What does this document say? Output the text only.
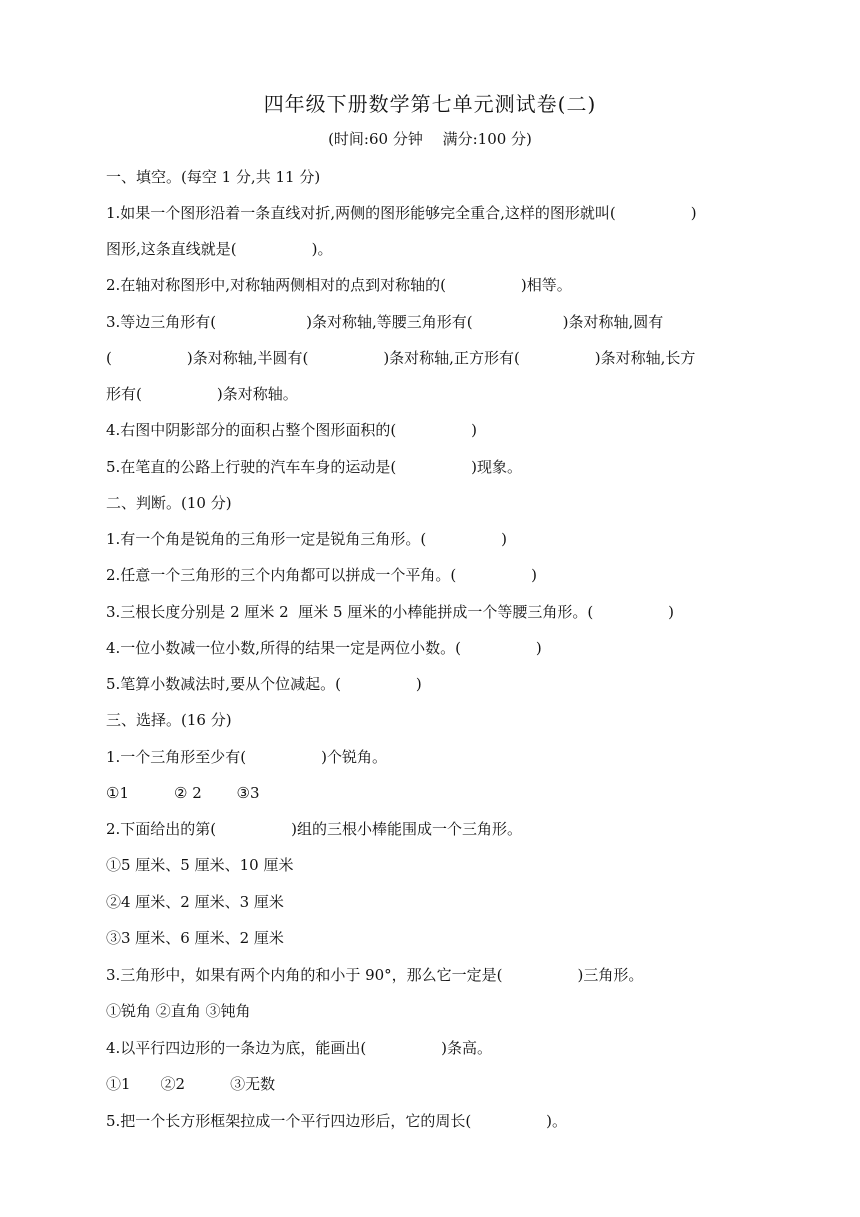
四年级下册数学第七单元测试卷(二)
(时间:60 分钟　 满分:100 分)
一、填空。(每空 1 分,共 11 分)
1.如果一个图形沿着一条直线对折,两侧的图形能够完全重合,这样的图形就叫(　　　　　)
图形,这条直线就是(　　　　　)。
2.在轴对称图形中,对称轴两侧相对的点到对称轴的(　　　　　)相等。
3.等边三角形有(　　　　　　)条对称轴,等腰三角形有(　　　　　　)条对称轴,圆有
(　　　　　)条对称轴,半圆有(　　　　　)条对称轴,正方形有(　　　　　)条对称轴,长方
形有(　　　　　)条对称轴。
4.右图中阴影部分的面积占整个图形面积的(　　　　　)
5.在笔直的公路上行驶的汽车车身的运动是(　　　　　)现象。
二、判断。(10 分)
1.有一个角是锐角的三角形一定是锐角三角形。(　　　　　)
2.任意一个三角形的三个内角都可以拼成一个平角。(　　　　　)
3.三根长度分别是 2 厘米 2  厘米 5 厘米的小棒能拼成一个等腰三角形。(　　　　　)
4.一位小数减一位小数,所得的结果一定是两位小数。(　　　　　)
5.笔算小数减法时,要从个位减起。(　　　　　)
三、选择。(16 分)
1.一个三角形至少有(　　　　　)个锐角。
①1　　　② 2　　 ③3
2.下面给出的第(　　　　　)组的三根小棒能围成一个三角形。
①5 厘米、5 厘米、10 厘米
②4 厘米、2 厘米、3 厘米
③3 厘米、6 厘米、2 厘米
3.三角形中，如果有两个内角的和小于 90°，那么它一定是(　　　　　)三角形。
①锐角 ②直角 ③钝角
4.以平行四边形的一条边为底，能画出(　　　　　)条高。
①1　　②2　　　③无数
5.把一个长方形框架拉成一个平行四边形后，它的周长(　　　　　)。
